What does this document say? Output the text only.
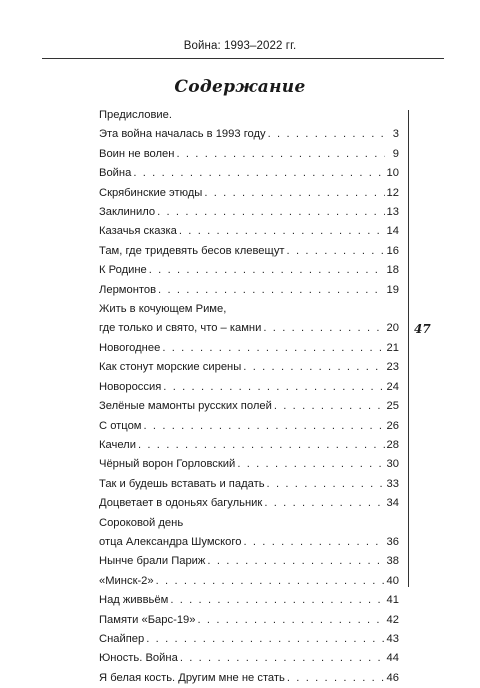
Война: 1993–2022 гг.
Содержание
Предисловие.
Эта война началась в 1993 году . . .	3
Воин не волен . . .	9
Война . . .	10
Скрябинские этюды . . .	12
Заклинило . . .	13
Казачья сказка . . .	14
Там, где тридевять бесов клевещут . . .	16
К Родине . . .	18
Лермонтов . . .	19
Жить в кочующем Риме,
где только и свято, что – камни . . .	20
Новогоднее . . .	21
Как стонут морские сирены . . .	23
Новороссия . . .	24
Зелёные мамонты русских полей . . .	25
С отцом . . .	26
Качели . . .	28
Чёрный ворон Горловский . . .	30
Так и будешь вставать и падать . . .	33
Доцветает в одоньях багульник . . .	34
Сороковой день
отца Александра Шумского . . .	36
Нынче брали Париж . . .	38
«Минск-2» . . .	40
Над живвьём . . .	41
Памяти «Барс-19» . . .	42
Снайпер . . .	43
Юность. Война . . .	44
Я белая кость. Другим мне не стать . . .	46
47
